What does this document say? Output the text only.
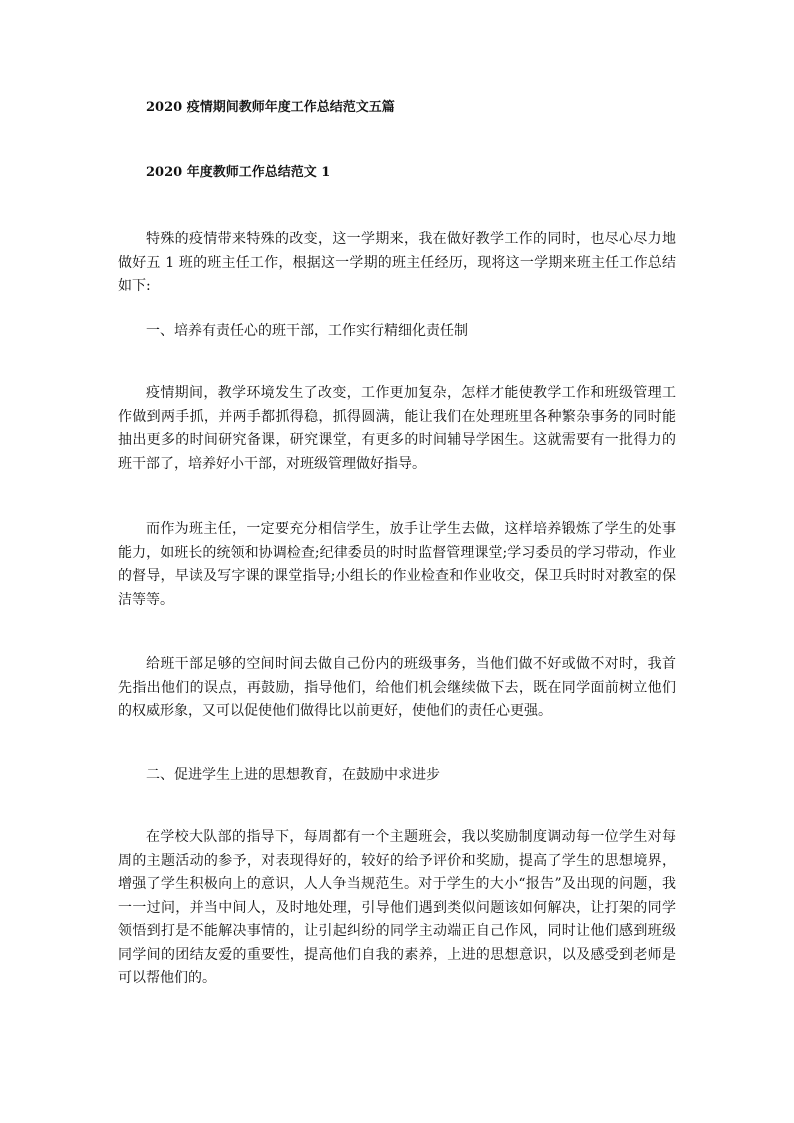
2020 疫情期间教师年度工作总结范文五篇
2020 年度教师工作总结范文 1
特殊的疫情带来特殊的改变，这一学期来，我在做好教学工作的同时，也尽心尽力地做好五 1 班的班主任工作，根据这一学期的班主任经历，现将这一学期来班主任工作总结如下:
一、培养有责任心的班干部，工作实行精细化责任制
疫情期间，教学环境发生了改变，工作更加复杂，怎样才能使教学工作和班级管理工作做到两手抓，并两手都抓得稳，抓得圆满，能让我们在处理班里各种繁杂事务的同时能抽出更多的时间研究备课，研究课堂，有更多的时间辅导学困生。这就需要有一批得力的班干部了，培养好小干部，对班级管理做好指导。
而作为班主任，一定要充分相信学生，放手让学生去做，这样培养锻炼了学生的处事能力，如班长的统领和协调检查;纪律委员的时时监督管理课堂;学习委员的学习带动，作业的督导，早读及写字课的课堂指导;小组长的作业检查和作业收交，保卫兵时时对教室的保洁等等。
给班干部足够的空间时间去做自己份内的班级事务，当他们做不好或做不对时，我首先指出他们的误点，再鼓励，指导他们，给他们机会继续做下去，既在同学面前树立他们的权威形象，又可以促使他们做得比以前更好，使他们的责任心更强。
二、促进学生上进的思想教育，在鼓励中求进步
在学校大队部的指导下，每周都有一个主题班会，我以奖励制度调动每一位学生对每周的主题活动的参予，对表现得好的，较好的给予评价和奖励，提高了学生的思想境界，增强了学生积极向上的意识，人人争当规范生。对于学生的大小“报告”及出现的问题，我一一过问，并当中间人，及时地处理，引导他们遇到类似问题该如何解决，让打架的同学领悟到打是不能解决事情的，让引起纠纷的同学主动端正自己作风，同时让他们感到班级同学间的团结友爱的重要性，提高他们自我的素养，上进的思想意识，以及感受到老师是可以帮他们的。
